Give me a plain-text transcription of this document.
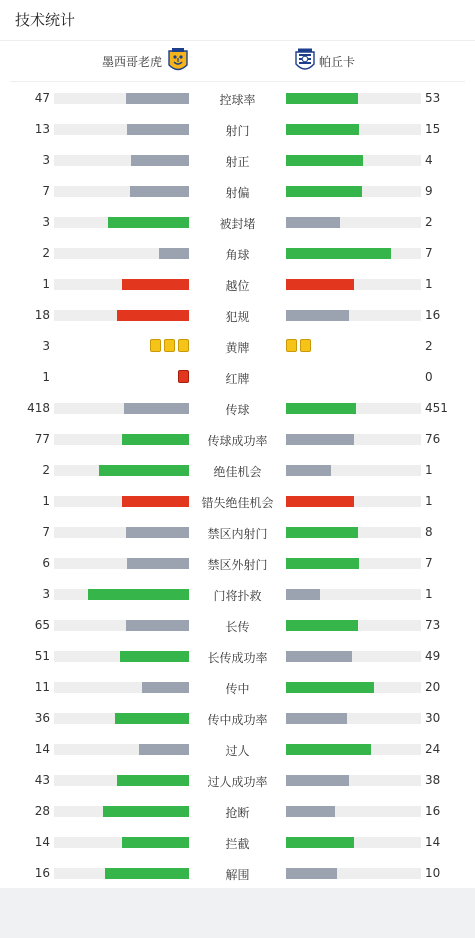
技术统计
墨西哥老虎	帕丘卡
47	控球率	53
13	射门	15
3	射正	4
7	射偏	9
3	被封堵	2
2	角球	7
1	越位	1
18	犯规	16
3	黄牌	2
1	红牌	0
418	传球	451
77	传球成功率	76
2	绝佳机会	1
1	错失绝佳机会	1
7	禁区内射门	8
6	禁区外射门	7
3	门将扑救	1
65	长传	73
51	长传成功率	49
11	传中	20
36	传中成功率	30
14	过人	24
43	过人成功率	38
28	抢断	16
14	拦截	14
16	解围	10
